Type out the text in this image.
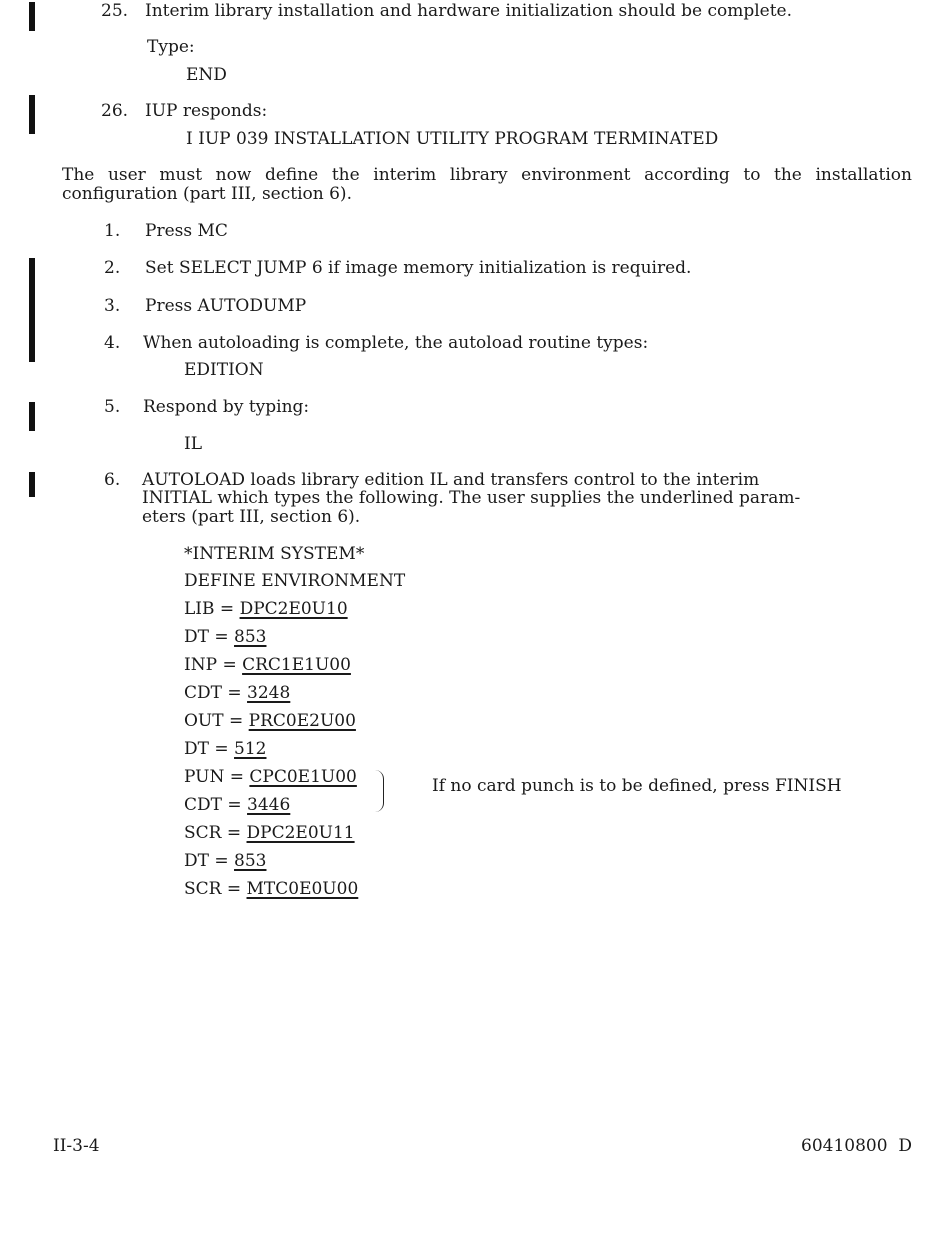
25. Interim library installation and hardware initialization should be complete.
Type:
END
26. IUP responds:
I IUP 039 INSTALLATION UTILITY PROGRAM TERMINATED
The user must now define the interim library environment according to the installation
configuration (part III, section 6).
1. Press MC
2. Set SELECT JUMP 6 if image memory initialization is required.
3. Press AUTODUMP
4. When autoloading is complete, the autoload routine types:
EDITION
5. Respond by typing:
IL
6. AUTOLOAD loads library edition IL and transfers control to the interim
INITIAL which types the following. The user supplies the underlined param-
eters (part III, section 6).
*INTERIM SYSTEM*
DEFINE ENVIRONMENT
LIB = DPC2E0U10
DT = 853
INP = CRC1E1U00
CDT = 3248
OUT = PRC0E2U00
DT = 512
PUN = CPC0E1U00
CDT = 3446
SCR = DPC2E0U11
DT = 853
SCR = MTC0E0U00
If no card punch is to be defined, press FINISH
II-3-4	60410800  D
